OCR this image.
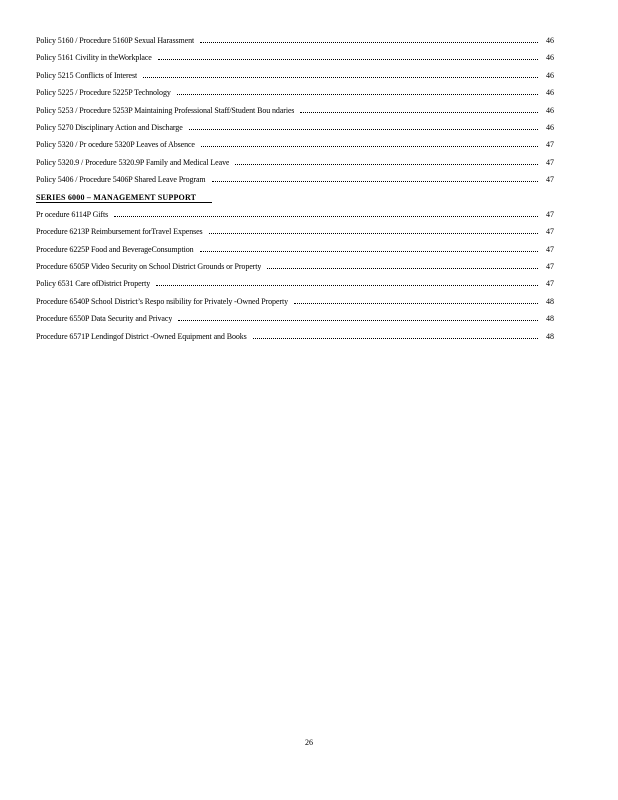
Policy 5160 / Procedure 5160P Sexual Harassment	46
Policy 5161 Civility in theWorkplace	46
Policy 5215 Conflicts of Interest	46
Policy 5225 / Procedure 5225P Technology	46
Policy 5253 / Procedure 5253P Maintaining Professional Staff/Student Bou ndaries	46
Policy 5270 Disciplinary Action and Discharge	46
Policy 5320 / Pr ocedure 5320P Leaves of Absence	47
Policy 5320.9 / Procedure 5320.9P Family and Medical Leave	47
Policy 5406 / Procedure 5406P Shared Leave Program	47
SERIES 6000 – MANAGEMENT SUPPORT
Pr ocedure 6114P Gifts	47
Procedure 6213P Reimbursement forTravel Expenses	47
Procedure 6225P Food and BeverageConsumption	47
Procedure 6505P Video Security on School District Grounds or Property	47
Policy 6531 Care ofDistrict Property	47
Procedure 6540P School District’s Respo nsibility for Privately -Owned Property	48
Procedure 6550P Data Security and Privacy	48
Procedure 6571P Lendingof District -Owned Equipment and Books	48
26
